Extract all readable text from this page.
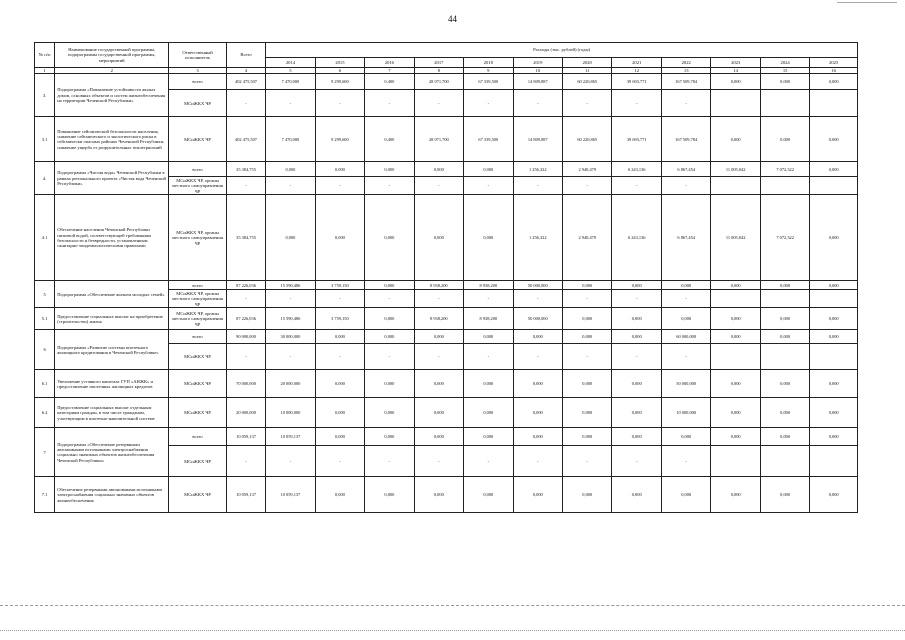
44
№ п/п	Наименование государственной программы, подпрограммы государственной программы, мероприятий	Ответственный исполнитель	Всего	Расходы (тыс. рублей) (годы)											
				2014	2015	2016	2017	2018	2019	2020	2021	2022	2023	2024	2025
1	2	3	4	5	6	7	8	9	10	11	12	13	14	15	16
3.	Подпрограмма «Повышение устойчивости жилых домов, основных объектов и систем жизнеобеспечения на территории Чеченской Республики»	всего	402 475,507	7 470,000	9 299,600	0,400	28 071,700	67 339,500	14 809,887	60 220,865	39 693,771	167 509,784	0,000	0,000	0,000
		МСиЖКХ ЧР	-	-	-	-	-	-	-	-	-	-			
3.1	Повышение сейсмической безопасности населения, снижение сейсмического и экологического риска в сейсмически опасных районах Чеченской Республики, снижение ущерба от разрушительных землетрясений	МСиЖКХ ЧР	402 475,507	7 470,000	9 299,600	0,400	28 071,700	67 339,500	14 809,887	60 220,865	39 693,771	167 509,784	0,000	0,000	0,000
4.	Подпрограмма «Чистая вода» Чеченской Республики в рамках регионального проекта «Чистая вода Чеченской Республики»	всего	35 384,755	0,000	0,000	0,000	0,000	0,000	1 256,322	2 940,479	6 243,136	6 867,454	11 005,042	7 072,322	0,000
		МСиЖКХ ЧР, органы местного самоуправления ЧР	-	-	-	-	-	-	-	-	-	-			
4.1	Обеспечение населения Чеченской Республики питьевой водой, соответствующей требованиям безопасности и безвредности, установленным санитарно-эпидемиологическими правилами	МСиЖКХ ЧР, органы местного самоуправления ЧР	35 384,755	0,000	0,000	0,000	0,000	0,000	1 256,322	2 940,479	6 243,136	6 867,454	11 005,042	7 072,322	0,000
5	Подпрограмма «Обеспечение жильем молодых семей»	всего	87 226,036	15 590,486	3 759,150	0,000	8 938,200	8 938,200	50 000,000	0,000	0,000	0,000	0,000	0,000	0,000
		МСиЖКХ ЧР, органы местного самоуправления ЧР	-	-	-	-	-	-	-	-	-	-			
5.1	Предоставление социальных выплат на приобретение (строительство) жилья	МСиЖКХ ЧР, органы местного самоуправления ЧР	87 226,036	15 590,486	3 759,150	0,000	8 938,200	8 938,200	50 000,000	0,000	0,000	0,000	0,000	0,000	0,000
6	Подпрограмма «Развитие системы ипотечного жилищного кредитования в Чеченской Республике»	всего	90 000,000	30 000,000	0,000	0,000	0,000	0,000	0,000	0,000	0,000	60 000,000	0,000	0,000	0,000
		МСиЖКХ ЧР	-	-	-	-	-	-	-	-	-	-			
6.1	Увеличение уставного капитала ГУП «АИЖК» и предоставление ипотечных жилищных кредитов	МСиЖКХ ЧР	70 000,000	20 000,000	0,000	0,000	0,000	0,000	0,000	0,000	0,000	50 000,000	0,000	0,000	0,000
6.2	Предоставление социальных выплат отдельным категориям граждан, в том числе гражданам, участвующим в ипотечно-накопительной системе	МСиЖКХ ЧР	20 000,000	10 000,000	0,000	0,000	0,000	0,000	0,000	0,000	0,000	10 000,000	0,000	0,000	0,000
7	Подпрограмма «Обеспечение резервными автономными источниками электроснабжения социально значимых объектов жизнеобеспечения Чеченской Республики»	всего	10 059,137	10 059,137	0,000	0,000	0,000	0,000	0,000	0,000	0,000	0,000	0,000	0,000	0,000
		МСиЖКХ ЧР	-	-	-	-	-	-	-	-	-	-			
7.1	Обеспечение резервными автономными источниками электроснабжения социально значимых объектов жизнеобеспечения	МСиЖКХ ЧР	10 059,137	10 059,137	0,000	0,000	0,000	0,000	0,000	0,000	0,000	0,000	0,000	0,000	0,000
